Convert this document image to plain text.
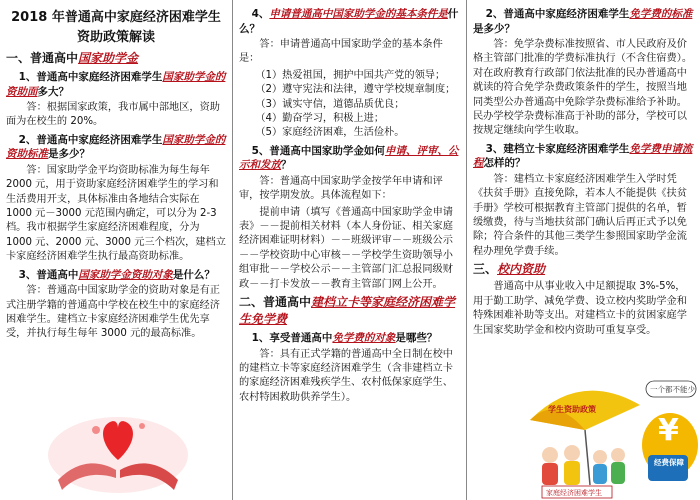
2018 年普通高中家庭经济困难学生
资助政策解读
一、普通高中国家助学金
1、普通高中家庭经济困难学生国家助学金的资助面多大？

答：根据国家政策，我市属中部地区，资助面为在校生的 20%。

2、普通高中家庭经济困难学生国家助学金的资助标准是多少？

答：国家助学金平均资助标准为每生每年 2000 元，用于资助家庭经济困难学生的学习和生活费用开支，具体标准由各地结合实际在 1000 元－3000 元范围内确定，可以分为 2-3 档。我市根据学生家庭经济困难程度，分为 1000 元、2000 元、3000 元三个档次，建档立卡家庭经济困难学生执行最高资助标准。

3、普通高中国家助学金资助对象是什么？

答：普通高中国家助学金的资助对象是有正式注册学籍的普通高中学校在校生中的家庭经济困难学生。建档立卡家庭经济困难学生优先享受，并执行每生每年 3000 元的最高标准。

4、申请普通高中国家助学金的基本条件是什么？

答：申请普通高中国家助学金的基本条件是：

（1）热爱祖国，拥护中国共产党的领导；

（2）遵守宪法和法律，遵守学校规章制度；

（3）诚实守信，道德品质优良；

（4）勤奋学习，积极上进；

（5）家庭经济困难，生活俭朴。

5、普通高中国家助学金如何申请、评审、公示和发放？

答：普通高中国家助学金按学年申请和评审，按学期发放。具体流程如下：

提前申请（填写《普通高中国家助学金申请表》－－提前相关材料（本人身份证、相关家庭经济困难证明材料）－－班级评审－－班级公示－－学校资助中心审核－－学校学生资助领导小组审批－－学校公示－－主管部门汇总报同级财政－－打卡发放－－教育主管部门网上公开。

二、普通高中建档立卡等家庭经济困难学生免学费
1、享受普通高中免学费的对象是哪些？

答：具有正式学籍的普通高中全日制在校中的建档立卡等家庭经济困难学生（含非建档立卡的家庭经济困难残疾学生、农村低保家庭学生、农村特困救助供养学生）。

2、普通高中家庭经济困难学生免学费的标准是多少？

答：免学杂费标准按照省、市人民政府及价格主管部门批准的学费标准执行（不含住宿费）。对在政府教育行政部门依法批准的民办普通高中就读的符合免学杂费政策条件的学生，按照当地同类型公办普通高中免除学杂费标准给予补助。民办学校学杂费标准高于补助的部分，学校可以按规定继续向学生收取。

3、建档立卡家庭经济困难学生免学费申请流程怎样的？

答：建档立卡家庭经济困难学生入学时凭《扶贫手册》直接免除，若本人不能提供《扶贫手册》学校可根据教育主管部门提供的名单，暂缓缴费，待与当地扶贫部门确认后再正式予以免除；符合条件的其他三类学生参照国家助学金流程办理免学费手续。

三、校内资助

普通高中从事业收入中足额提取 3%-5%，用于勤工助学、减免学费、设立校内奖助学金和特殊困难补助等支出。对建档立卡的贫困家庭学生国家奖助学金和校内资助可重复享受。

学生资助政策
一个都不能少
¥
经费保障
家庭经济困难学生
